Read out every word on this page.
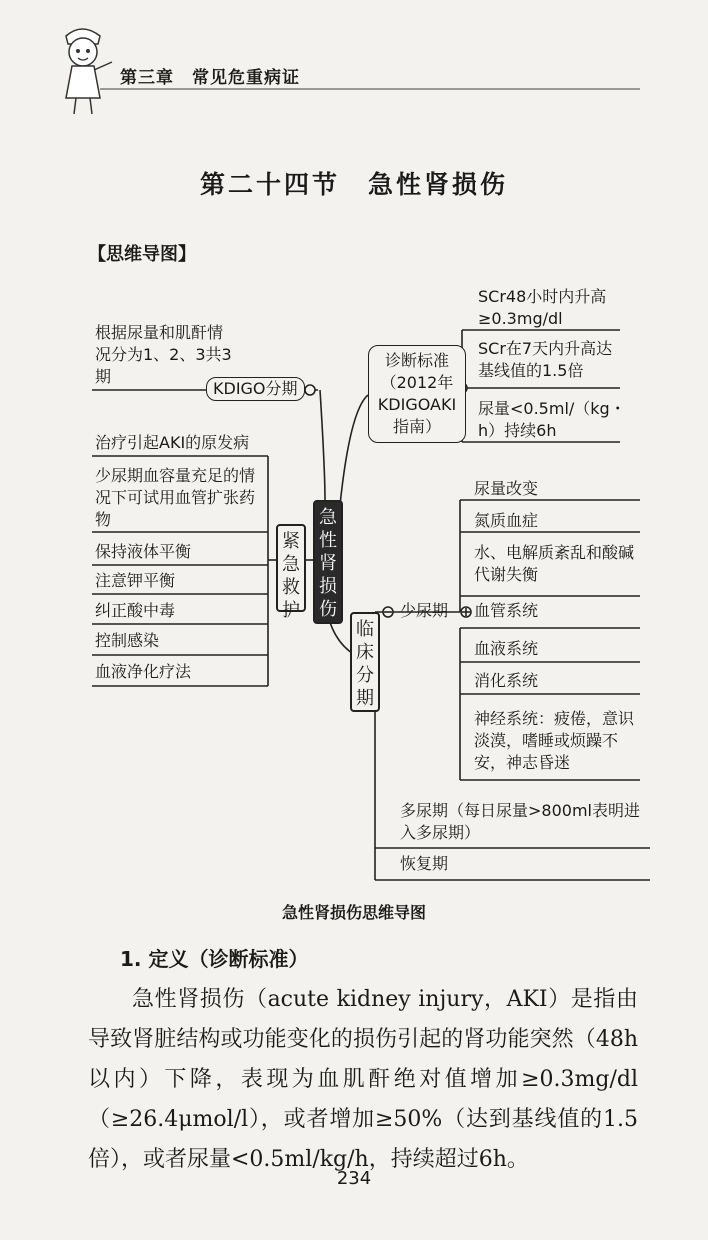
第三章　常见危重病证
第二十四节　急性肾损伤
【思维导图】
急性肾损伤
根据尿量和肌酐情况分为1、2、3共3期
KDIGO分期
诊断标准（2012年KDIGOAKI指南）
SCr48小时内升高≥0.3mg/dl
SCr在7天内升高达基线值的1.5倍
尿量<0.5ml/（kg・h）持续6h
治疗引起AKI的原发病
少尿期血容量充足的情况下可试用血管扩张药物
保持液体平衡
注意钾平衡
纠正酸中毒
控制感染
血液净化疗法
紧急救护
临床分期
少尿期
尿量改变
氮质血症
水、电解质紊乱和酸碱代谢失衡
血管系统
血液系统
消化系统
神经系统：疲倦，意识淡漠，嗜睡或烦躁不安，神志昏迷
多尿期（每日尿量>800ml表明进入多尿期）
恢复期
急性肾损伤思维导图
1. 定义（诊断标准）
急性肾损伤（acute kidney injury，AKI）是指由导致肾脏结构或功能变化的损伤引起的肾功能突然（48h以内）下降，表现为血肌酐绝对值增加≥0.3mg/dl（≥26.4μmol/l），或者增加≥50%（达到基线值的1.5倍），或者尿量<0.5ml/kg/h，持续超过6h。
234
